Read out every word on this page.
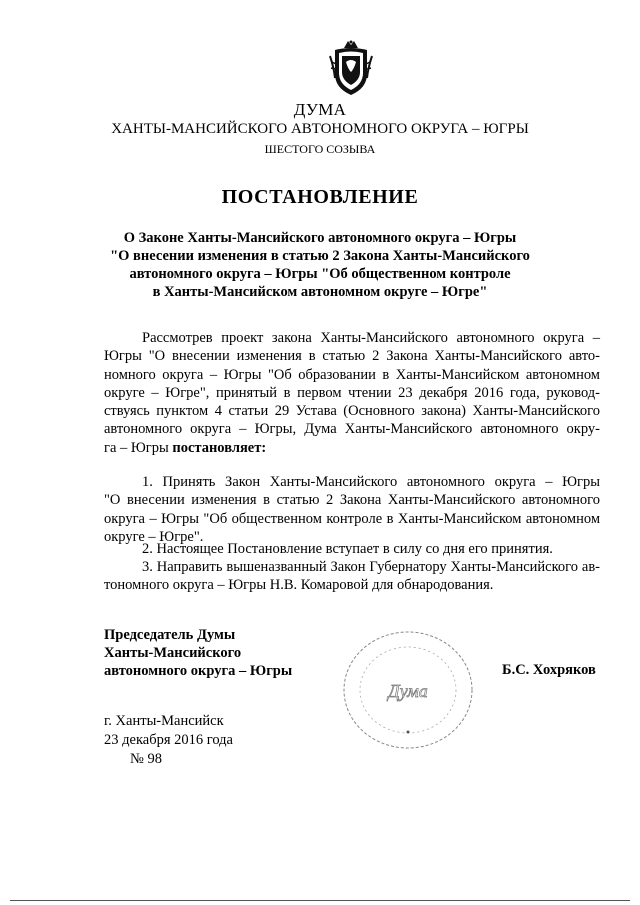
ДУМА
ХАНТЫ-МАНСИЙСКОГО АВТОНОМНОГО ОКРУГА – ЮГРЫ
ШЕСТОГО СОЗЫВА
ПОСТАНОВЛЕНИЕ
О Законе Ханты-Мансийского автономного округа – Югры
"О внесении изменения в статью 2 Закона Ханты-Мансийского
автономного округа – Югры "Об общественном контроле
в Ханты-Мансийском автономном округе – Югре"
Рассмотрев проект закона Ханты-Мансийского автономного округа –
Югры "О внесении изменения в статью 2 Закона Ханты-Мансийского авто-
номного округа – Югры "Об образовании в Ханты-Мансийском автономном
округе – Югре", принятый в первом чтении 23 декабря 2016 года, руковод-
ствуясь пунктом 4 статьи 29 Устава (Основного закона) Ханты-Мансийского
автономного округа – Югры, Дума Ханты-Мансийского автономного окру-
га – Югры постановляет:
1. Принять Закон Ханты-Мансийского автономного округа – Югры
"О внесении изменения в статью 2 Закона Ханты-Мансийского автономного
округа – Югры "Об общественном контроле в Ханты-Мансийском автономном
округе – Югре".
2. Настоящее Постановление вступает в силу со дня его принятия.
3. Направить вышеназванный Закон Губернатору Ханты-Мансийского ав-
тономного округа – Югры Н.В. Комаровой для обнародования.
Председатель Думы
Ханты-Мансийского
автономного округа – Югры
Дума
Б.С. Хохряков
г. Ханты-Мансийск
23 декабря 2016 года
№ 98
